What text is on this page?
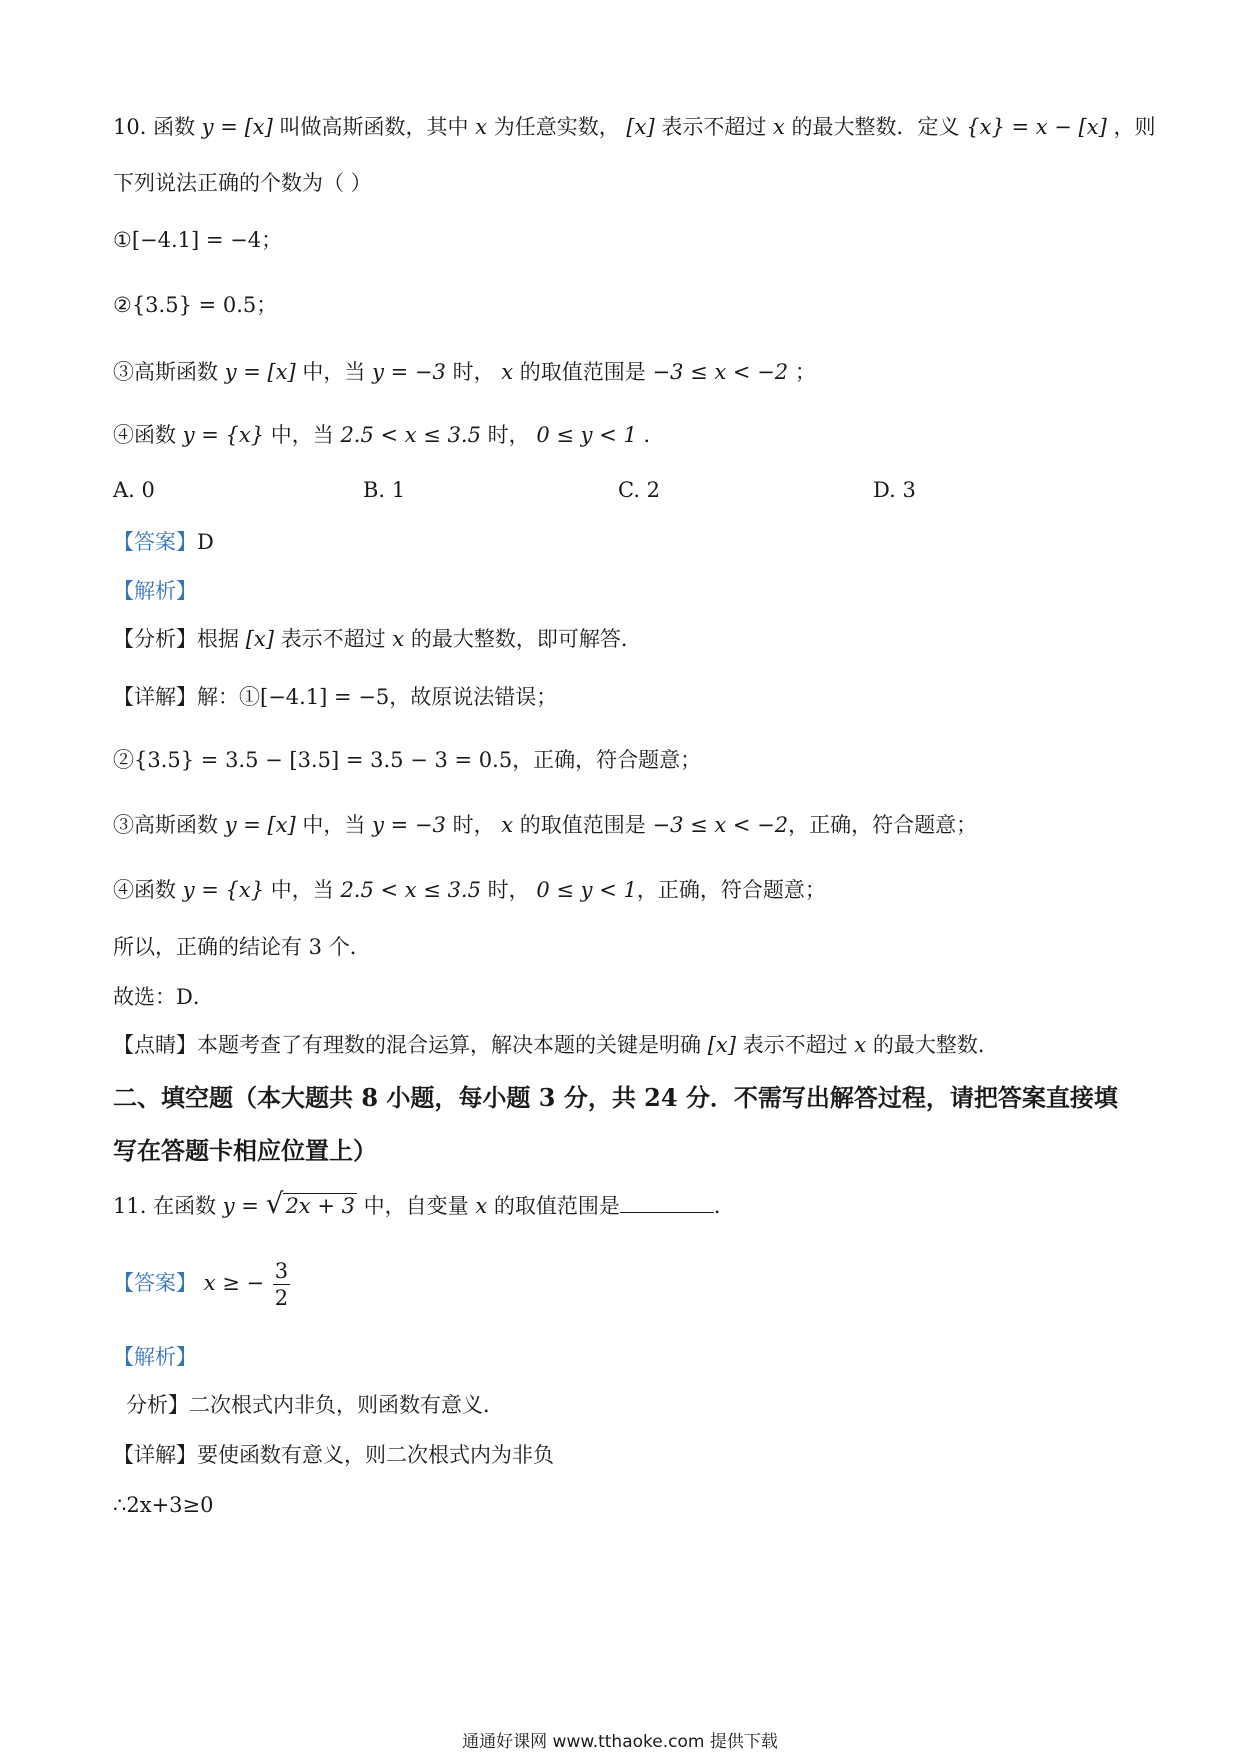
10. 函数 y = [x] 叫做高斯函数，其中 x 为任意实数， [x] 表示不超过 x 的最大整数．定义 {x} = x − [x] ，则
下列说法正确的个数为（ ）
①[−4.1] = −4；
②{3.5} = 0.5；
③高斯函数 y = [x] 中，当 y = −3 时， x 的取值范围是 −3 ≤ x < −2 ；
④函数 y = {x} 中，当 2.5 < x ≤ 3.5 时， 0 ≤ y < 1 ．
A. 0	B. 1	C. 2	D. 3
【答案】D
【解析】
【分析】根据 [x] 表示不超过 x 的最大整数，即可解答．
【详解】解：①[−4.1] = −5，故原说法错误；
②{3.5} = 3.5 − [3.5] = 3.5 − 3 = 0.5，正确，符合题意；
③高斯函数 y = [x] 中，当 y = −3 时， x 的取值范围是 −3 ≤ x < −2，正确，符合题意；
④函数 y = {x} 中，当 2.5 < x ≤ 3.5 时， 0 ≤ y < 1，正确，符合题意；
所以，正确的结论有 3 个．
故选：D．
【点睛】本题考查了有理数的混合运算，解决本题的关键是明确 [x] 表示不超过 x 的最大整数．
二、填空题（本大题共 8 小题，每小题 3 分，共 24 分．不需写出解答过程，请把答案直接填
写在答题卡相应位置上）
11. 在函数 y = √2x + 3 中，自变量 x 的取值范围是	．
【答案】 x ≥ − $\frac{3}{2}$
【解析】
分析】二次根式内非负，则函数有意义．
【详解】要使函数有意义，则二次根式内为非负
∴2x+3≥0
通通好课网 www.tthaoke.com 提供下载
